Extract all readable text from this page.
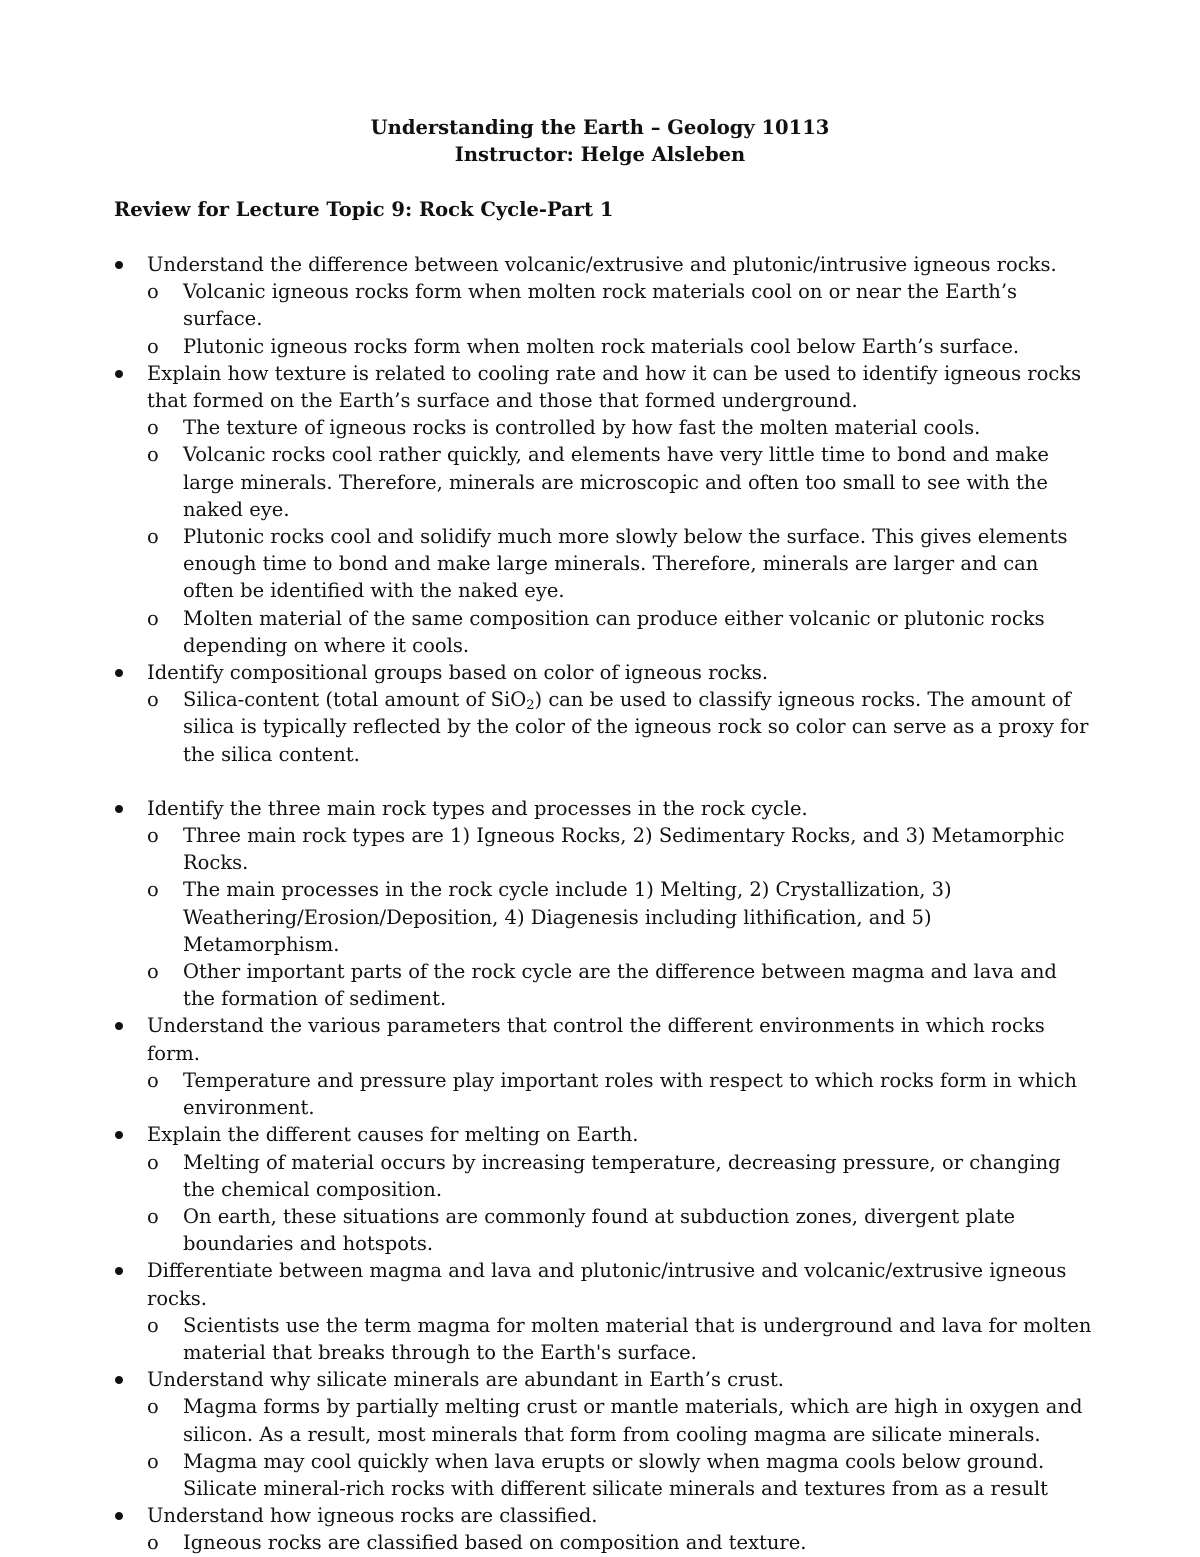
Understanding the Earth – Geology 10113
Instructor: Helge Alsleben
Review for Lecture Topic 9: Rock Cycle-Part 1
Understand the difference between volcanic/extrusive and plutonic/intrusive igneous rocks.
o Volcanic igneous rocks form when molten rock materials cool on or near the Earth’s surface.
o Plutonic igneous rocks form when molten rock materials cool below Earth’s surface.
Explain how texture is related to cooling rate and how it can be used to identify igneous rocks that formed on the Earth’s surface and those that formed underground.
o The texture of igneous rocks is controlled by how fast the molten material cools.
o Volcanic rocks cool rather quickly, and elements have very little time to bond and make large minerals. Therefore, minerals are microscopic and often too small to see with the naked eye.
o Plutonic rocks cool and solidify much more slowly below the surface. This gives elements enough time to bond and make large minerals. Therefore, minerals are larger and can often be identified with the naked eye.
o Molten material of the same composition can produce either volcanic or plutonic rocks depending on where it cools.
Identify compositional groups based on color of igneous rocks.
o Silica-content (total amount of SiO$_2$) can be used to classify igneous rocks. The amount of silica is typically reflected by the color of the igneous rock so color can serve as a proxy for the silica content.
Identify the three main rock types and processes in the rock cycle.
o Three main rock types are 1) Igneous Rocks, 2) Sedimentary Rocks, and 3) Metamorphic Rocks.
o The main processes in the rock cycle include 1) Melting, 2) Crystallization, 3) Weathering/Erosion/Deposition, 4) Diagenesis including lithification, and 5) Metamorphism.
o Other important parts of the rock cycle are the difference between magma and lava and the formation of sediment.
Understand the various parameters that control the different environments in which rocks form.
o Temperature and pressure play important roles with respect to which rocks form in which environment.
Explain the different causes for melting on Earth.
o Melting of material occurs by increasing temperature, decreasing pressure, or changing the chemical composition.
o On earth, these situations are commonly found at subduction zones, divergent plate boundaries and hotspots.
Differentiate between magma and lava and plutonic/intrusive and volcanic/extrusive igneous rocks.
o Scientists use the term magma for molten material that is underground and lava for molten material that breaks through to the Earth's surface.
Understand why silicate minerals are abundant in Earth’s crust.
o Magma forms by partially melting crust or mantle materials, which are high in oxygen and silicon. As a result, most minerals that form from cooling magma are silicate minerals.
o Magma may cool quickly when lava erupts or slowly when magma cools below ground. Silicate mineral-rich rocks with different silicate minerals and textures from as a result
Understand how igneous rocks are classified.
o Igneous rocks are classified based on composition and texture.
